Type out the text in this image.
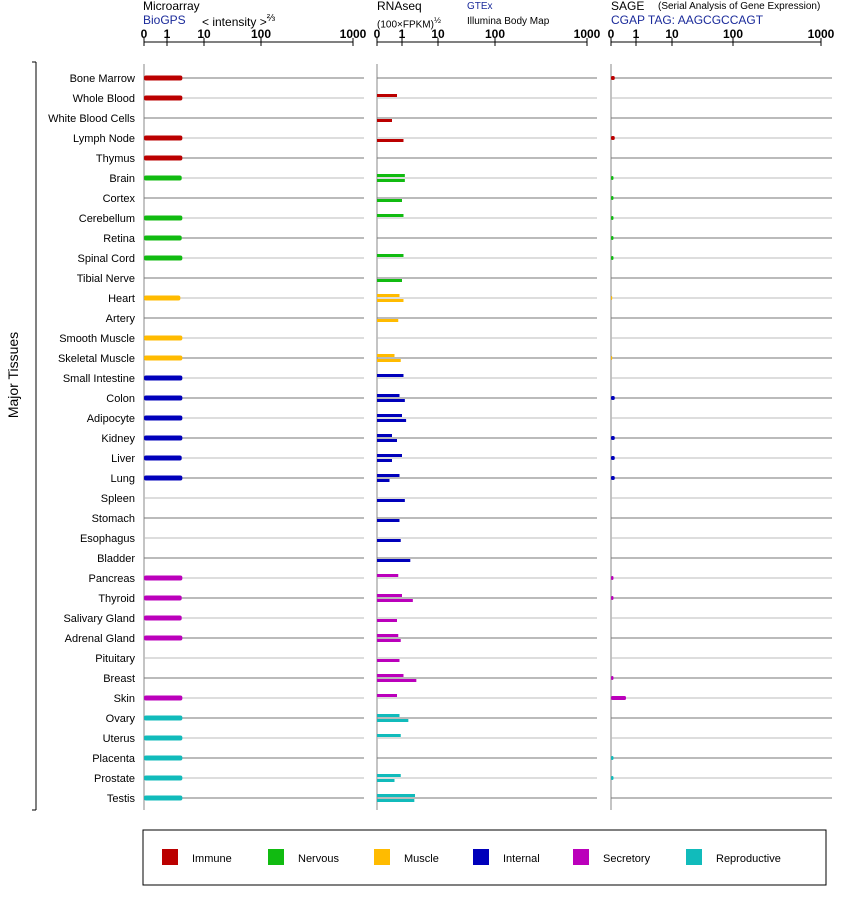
Microarray
BioGPS < intensity >$^{\frac{2}{3}}$
RNAseq
(100×FPKM)$^{\frac{1}{2}}$
GTEx
Illumina Body Map
SAGE (Serial Analysis of Gene Expression)
CGAP TAG: AAGCGCCAGT
0 1 10	100	1000 0 1 10	100	1000 0 1 10	100	1000
Bone Marrow
Whole Blood
White Blood Cells
Lymph Node
Thymus
Brain
Cortex
Cerebellum
Retina
Spinal Cord
Tibial Nerve
Heart
Artery
Smooth Muscle
Skeletal Muscle
Small Intestine
Colon
Adipocyte
Kidney
Liver
Lung
Spleen
Stomach
Esophagus
Bladder
Pancreas
Thyroid
Salivary Gland
Adrenal Gland
Pituitary
Breast
Skin
Ovary
Uterus
Placenta
Prostate
Testis
Major Tissues
Immune	Nervous	Muscle	Internal	Secretory	Reproductive
